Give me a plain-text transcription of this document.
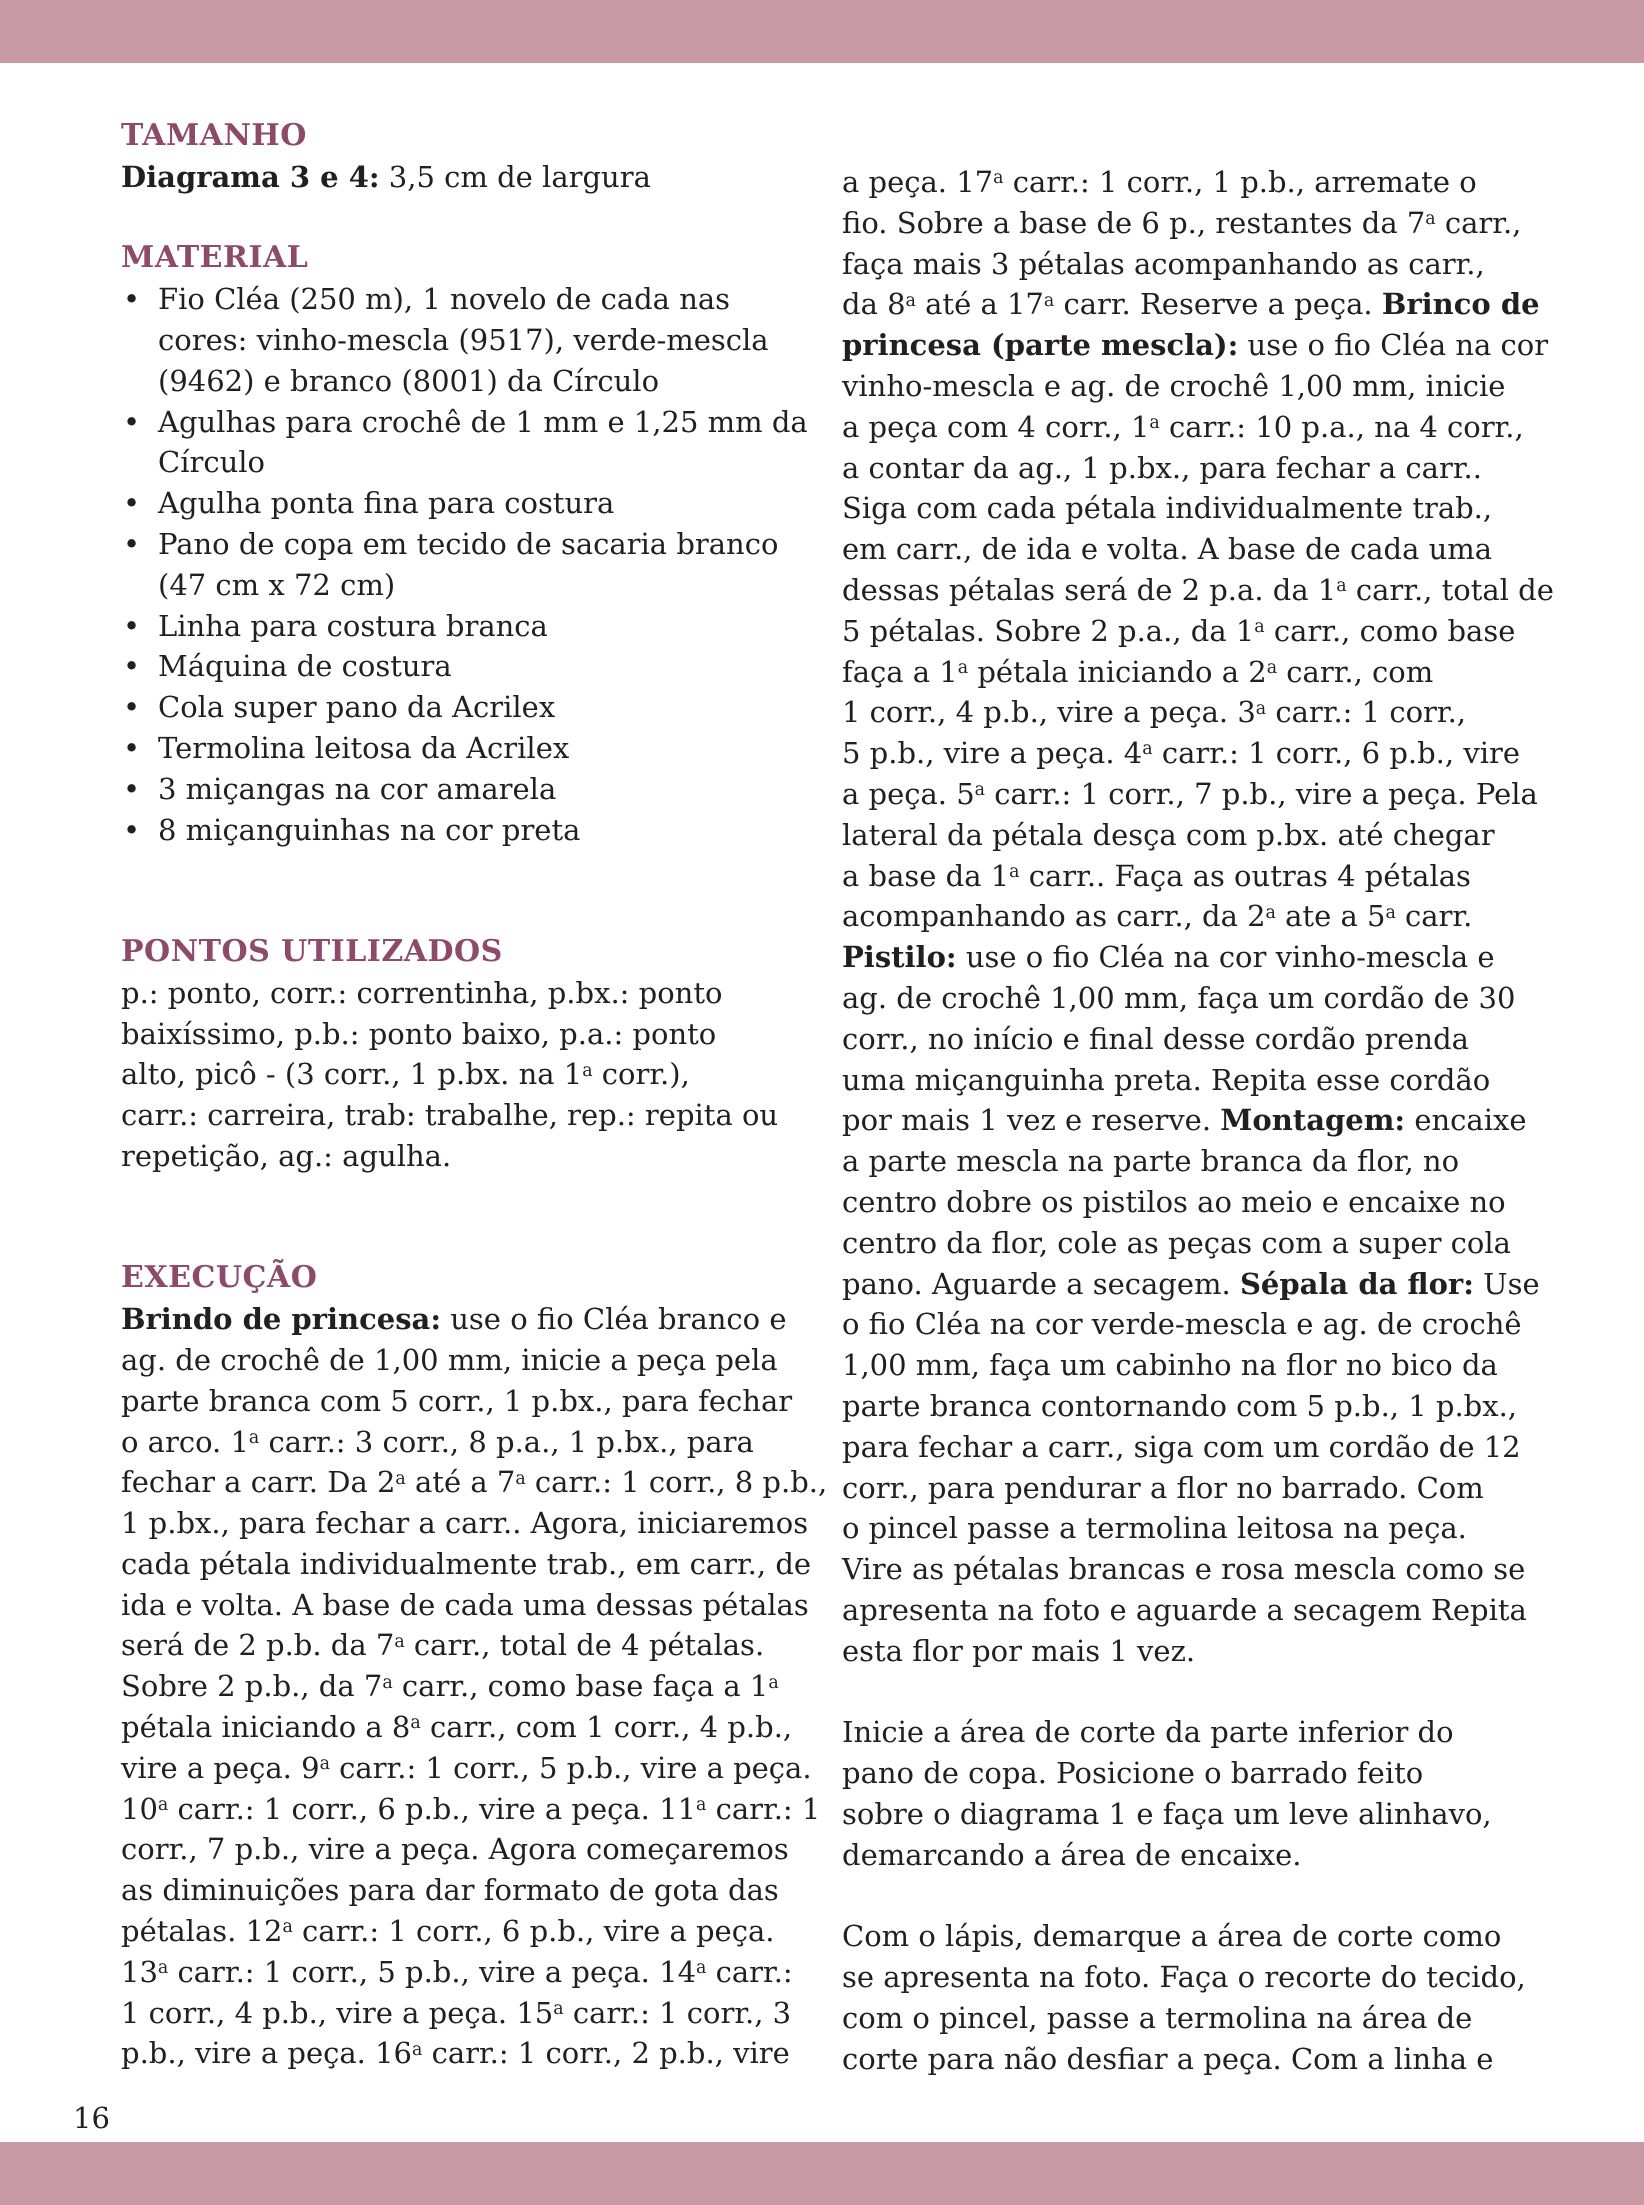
TAMANHO
Diagrama 3 e 4: 3,5 cm de largura
MATERIAL
• Fio Cléa (250 m), 1 novelo de cada nas
cores: vinho-mescla (9517), verde-mescla
(9462) e branco (8001) da Círculo
• Agulhas para crochê de 1 mm e 1,25 mm da
Círculo
• Agulha ponta fina para costura
• Pano de copa em tecido de sacaria branco
(47 cm x 72 cm)
• Linha para costura branca
• Máquina de costura
• Cola super pano da Acrilex
• Termolina leitosa da Acrilex
• 3 miçangas na cor amarela
• 8 miçanguinhas na cor preta
PONTOS UTILIZADOS
p.: ponto, corr.: correntinha, p.bx.: ponto
baixíssimo, p.b.: ponto baixo, p.a.: ponto
alto, picô - (3 corr., 1 p.bx. na 1$^a$ corr.),
carr.: carreira, trab: trabalhe, rep.: repita ou
repetição, ag.: agulha.
EXECUÇÃO
Brindo de princesa: use o fio Cléa branco e
ag. de crochê de 1,00 mm, inicie a peça pela
parte branca com 5 corr., 1 p.bx., para fechar
o arco. 1$^a$ carr.: 3 corr., 8 p.a., 1 p.bx., para
fechar a carr. Da 2$^a$ até a 7$^a$ carr.: 1 corr., 8 p.b.,
1 p.bx., para fechar a carr.. Agora, iniciaremos
cada pétala individualmente trab., em carr., de
ida e volta. A base de cada uma dessas pétalas
será de 2 p.b. da 7$^a$ carr., total de 4 pétalas.
Sobre 2 p.b., da 7$^a$ carr., como base faça a 1$^a$
pétala iniciando a 8$^a$ carr., com 1 corr., 4 p.b.,
vire a peça. 9$^a$ carr.: 1 corr., 5 p.b., vire a peça.
10$^a$ carr.: 1 corr., 6 p.b., vire a peça. 11$^a$ carr.: 1
corr., 7 p.b., vire a peça. Agora começaremos
as diminuições para dar formato de gota das
pétalas. 12$^a$ carr.: 1 corr., 6 p.b., vire a peça.
13$^a$ carr.: 1 corr., 5 p.b., vire a peça. 14$^a$ carr.:
1 corr., 4 p.b., vire a peça. 15$^a$ carr.: 1 corr., 3
p.b., vire a peça. 16$^a$ carr.: 1 corr., 2 p.b., vire
a peça. 17$^a$ carr.: 1 corr., 1 p.b., arremate o
fio. Sobre a base de 6 p., restantes da 7$^a$ carr.,
faça mais 3 pétalas acompanhando as carr.,
da 8$^a$ até a 17$^a$ carr. Reserve a peça. Brinco de
princesa (parte mescla): use o fio Cléa na cor
vinho-mescla e ag. de crochê 1,00 mm, inicie
a peça com 4 corr., 1$^a$ carr.: 10 p.a., na 4 corr.,
a contar da ag., 1 p.bx., para fechar a carr..
Siga com cada pétala individualmente trab.,
em carr., de ida e volta. A base de cada uma
dessas pétalas será de 2 p.a. da 1$^a$ carr., total de
5 pétalas. Sobre 2 p.a., da 1$^a$ carr., como base
faça a 1$^a$ pétala iniciando a 2$^a$ carr., com
1 corr., 4 p.b., vire a peça. 3$^a$ carr.: 1 corr.,
5 p.b., vire a peça. 4$^a$ carr.: 1 corr., 6 p.b., vire
a peça. 5$^a$ carr.: 1 corr., 7 p.b., vire a peça. Pela
lateral da pétala desça com p.bx. até chegar
a base da 1$^a$ carr.. Faça as outras 4 pétalas
acompanhando as carr., da 2$^a$ ate a 5$^a$ carr.
Pistilo: use o fio Cléa na cor vinho-mescla e
ag. de crochê 1,00 mm, faça um cordão de 30
corr., no início e final desse cordão prenda
uma miçanguinha preta. Repita esse cordão
por mais 1 vez e reserve. Montagem: encaixe
a parte mescla na parte branca da flor, no
centro dobre os pistilos ao meio e encaixe no
centro da flor, cole as peças com a super cola
pano. Aguarde a secagem. Sépala da flor: Use
o fio Cléa na cor verde-mescla e ag. de crochê
1,00 mm, faça um cabinho na flor no bico da
parte branca contornando com 5 p.b., 1 p.bx.,
para fechar a carr., siga com um cordão de 12
corr., para pendurar a flor no barrado. Com
o pincel passe a termolina leitosa na peça.
Vire as pétalas brancas e rosa mescla como se
apresenta na foto e aguarde a secagem Repita
esta flor por mais 1 vez.

Inicie a área de corte da parte inferior do
pano de copa. Posicione o barrado feito
sobre o diagrama 1 e faça um leve alinhavo,
demarcando a área de encaixe.

Com o lápis, demarque a área de corte como
se apresenta na foto. Faça o recorte do tecido,
com o pincel, passe a termolina na área de
corte para não desfiar a peça. Com a linha e
16
